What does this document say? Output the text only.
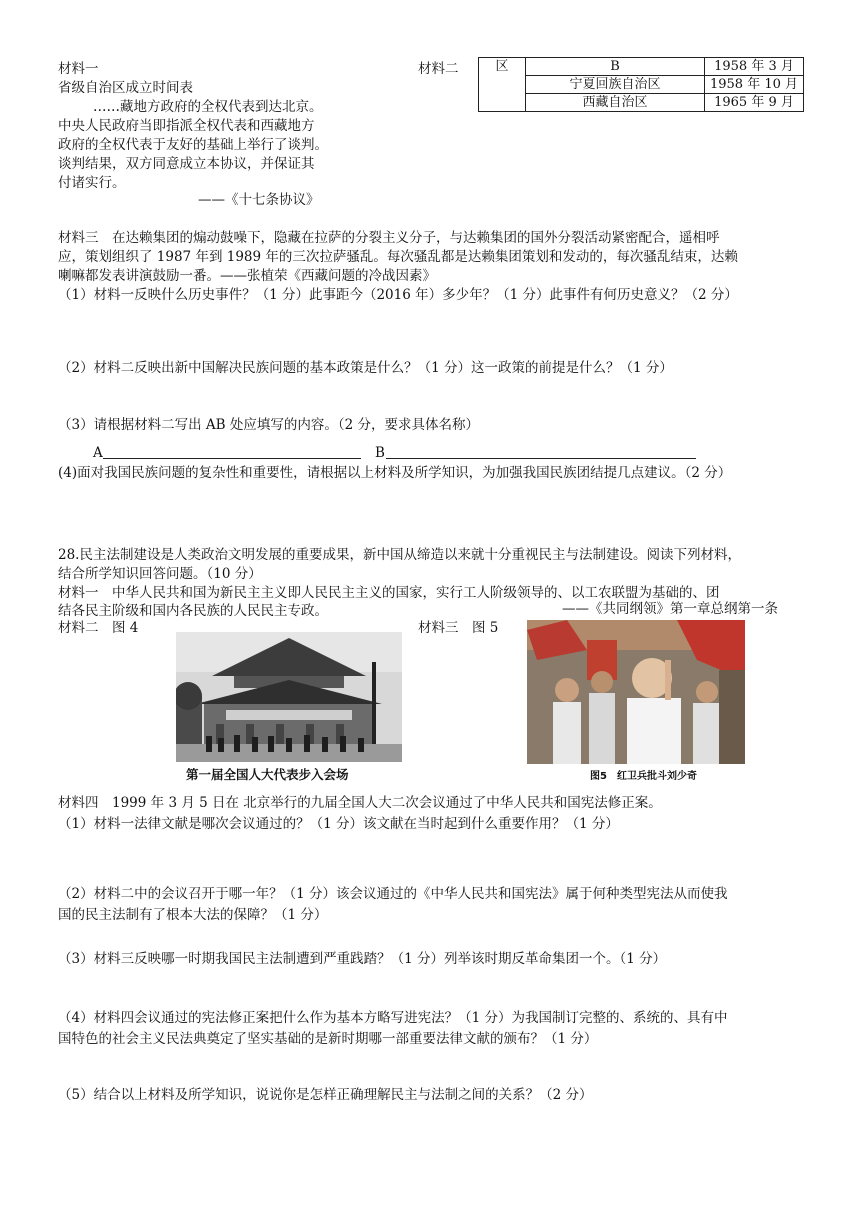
材料一
省级自治区成立时间表
……藏地方政府的全权代表到达北京。
中央人民政府当即指派全权代表和西藏地方
政府的全权代表于友好的基础上举行了谈判。
谈判结果，双方同意成立本协议，并保证其
付诸实行。
——《十七条协议》
材料二	区	B	1958 年 3 月
	宁夏回族自治区	1958 年 10 月
	西藏自治区	1965 年 9 月
材料三　在达赖集团的煽动鼓噪下，隐藏在拉萨的分裂主义分子，与达赖集团的国外分裂活动紧密配合，遥相呼
应，策划组织了 1987 年到 1989 年的三次拉萨骚乱。每次骚乱都是达赖集团策划和发动的，每次骚乱结束，达赖
喇嘛都发表讲演鼓励一番。——张植荣《西藏问题的冷战因素》
（1）材料一反映什么历史事件？（1 分）此事距今（2016 年）多少年？（1 分）此事件有何历史意义？（2 分）
（2）材料二反映出新中国解决民族问题的基本政策是什么？（1 分）这一政策的前提是什么？（1 分）
（3）请根据材料二写出 AB 处应填写的内容。（2 分，要求具体名称）
A	B
(4)面对我国民族问题的复杂性和重要性，请根据以上材料及所学知识，为加强我国民族团结提几点建议。（2 分）
28.民主法制建设是人类政治文明发展的重要成果，新中国从缔造以来就十分重视民主与法制建设。阅读下列材料，
结合所学知识回答问题。（10 分）
材料一　中华人民共和国为新民主主义即人民民主主义的国家，实行工人阶级领导的、以工农联盟为基础的、团
结各民主阶级和国内各民族的人民民主专政。	——《共同纲领》第一章总纲第一条
材料二　图 4	材料三　图 5
第一届全国人大代表步入会场	图5　红卫兵批斗刘少奇
材料四　1999 年 3 月 5 日在 北京举行的九届全国人大二次会议通过了中华人民共和国宪法修正案。
（1）材料一法律文献是哪次会议通过的？（1 分）该文献在当时起到什么重要作用？（1 分）
（2）材料二中的会议召开于哪一年？（1 分）该会议通过的《中华人民共和国宪法》属于何种类型宪法从而使我
国的民主法制有了根本大法的保障？（1 分）
（3）材料三反映哪一时期我国民主法制遭到严重践踏？（1 分）列举该时期反革命集团一个。（1 分）
（4）材料四会议通过的宪法修正案把什么作为基本方略写进宪法？（1 分）为我国制订完整的、系统的、具有中
国特色的社会主义民法典奠定了坚实基础的是新时期哪一部重要法律文献的颁布？（1 分）
（5）结合以上材料及所学知识，说说你是怎样正确理解民主与法制之间的关系？（2 分）
